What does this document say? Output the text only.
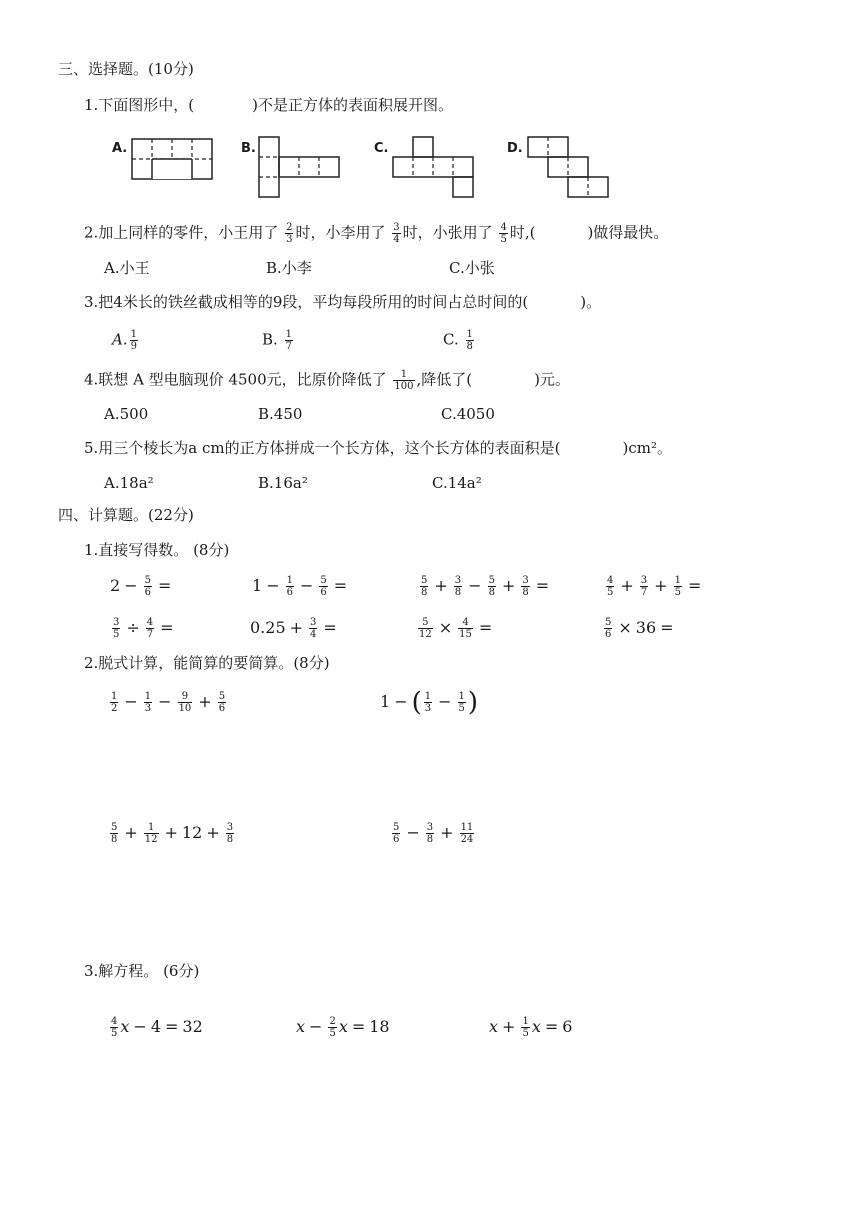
三、选择题。(10分)
1.下面图形中，(	)不是正方体的表面积展开图。
A.	B.	C.	D.
2.加上同样的零件，小王用了 $\frac{2}{3}$ 时，小李用了 $\frac{3}{4}$ 时，小张用了 $\frac{4}{5}$ 时,(	)做得最快。
A.小王	B.小李	C.小张
3.把4米长的铁丝截成相等的9段，平均每段所用的时间占总时间的(	)。
A. $\frac{1}{9}$	B. $\frac{1}{7}$	C. $\frac{1}{8}$
4.联想 A 型电脑现价 4500元，比原价降低了 $\frac{1}{100}$ ,降低了(	)元。
A.500	B.450	C.4050
5.用三个棱长为a cm的正方体拼成一个长方体，这个长方体的表面积是(	)cm²。
A.18a²	B.16a²	C.14a²
四、计算题。(22分)
1.直接写得数。 (8分)
$2 - \frac{5}{6}$ =	$1 - \frac{1}{6} - \frac{5}{6}$ =	$\frac{5}{8} + \frac{3}{8} - \frac{5}{8} + \frac{3}{8}$ =	$\frac{4}{5} + \frac{3}{7} + \frac{1}{5}$ =
$\frac{3}{5} \div \frac{4}{7}$ =	$0.25 + \frac{3}{4}$ =	$\frac{5}{12} \times \frac{4}{15}$ =	$\frac{5}{6} \times 36$ =
2.脱式计算，能简算的要简算。(8分)
$\frac{1}{2} - \frac{1}{3} - \frac{9}{10} + \frac{5}{6}$	1 − ( $\frac{1}{3} - \frac{1}{5}$ )
$\frac{5}{8} + \frac{1}{12} + 12 + \frac{3}{8}$	$\frac{5}{6} - \frac{3}{8} + \frac{11}{24}$
3.解方程。 (6分)
$\frac{4}{5}$ x − 4 = 32	$x - \frac{2}{5}$ x = 18	$x + \frac{1}{5}$ x = 6
